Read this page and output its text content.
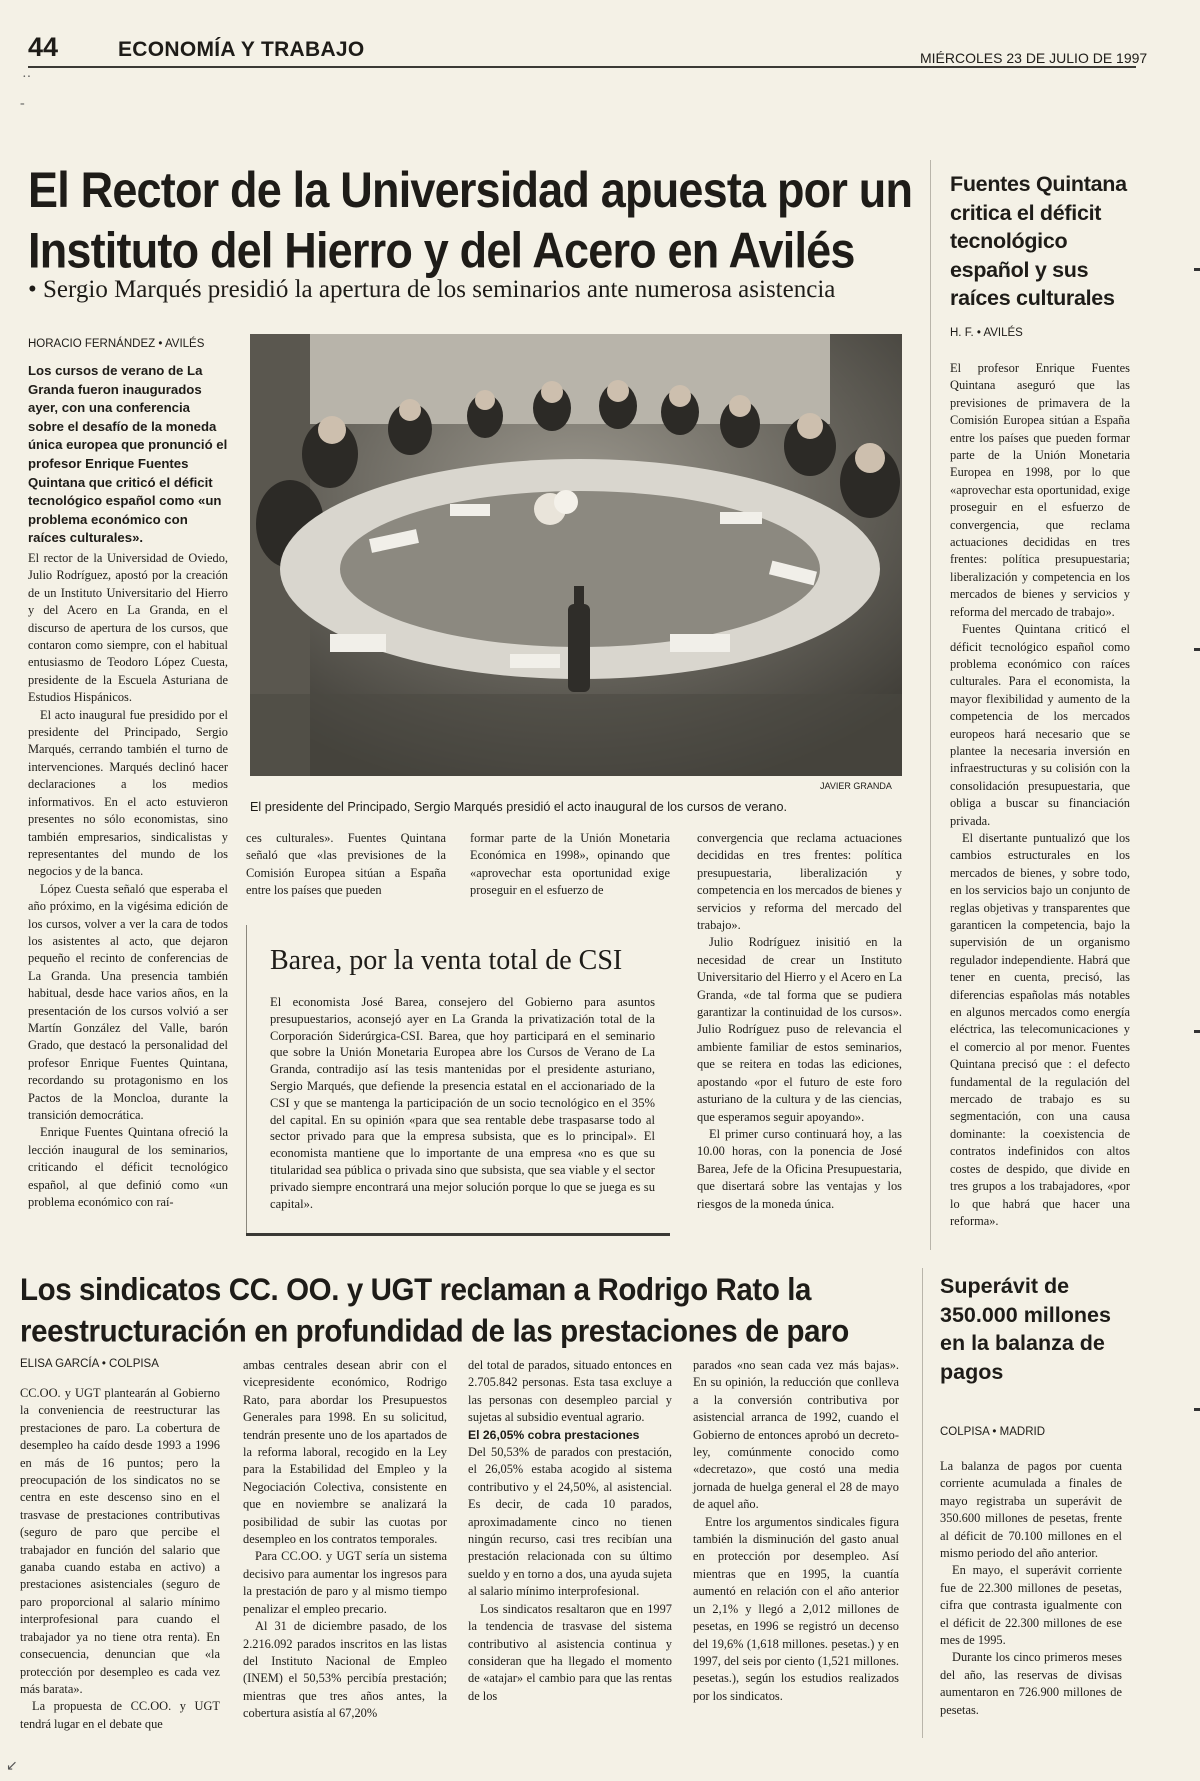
44	ECONOMÍA Y TRABAJO	MIÉRCOLES 23 DE JULIO DE 1997
··
‐
El Rector de la Universidad apuesta por un
Instituto del Hierro y del Acero en Avilés
• Sergio Marqués presidió la apertura de los seminarios ante numerosa asistencia
HORACIO FERNÁNDEZ • AVILÉS
Los cursos de verano de La Granda fueron inaugurados ayer, con una conferencia sobre el desafío de la moneda única europea que pronunció el profesor Enrique Fuentes Quintana que criticó el déficit tecnológico español como «un problema económico con raíces culturales».

El rector de la Universidad de Oviedo, Julio Rodríguez, apostó por la creación de un Instituto Universitario del Hierro y del Acero en La Granda, en el discurso de apertura de los cursos, que contaron como siempre, con el habitual entusiasmo de Teodoro López Cuesta, presidente de la Escuela Asturiana de Estudios Hispánicos.

El acto inaugural fue presidido por el presidente del Principado, Sergio Marqués, cerrando también el turno de intervenciones. Marqués declinó hacer declaraciones a los medios informativos. En el acto estuvieron presentes no sólo economistas, sino también empresarios, sindicalistas y representantes del mundo de los negocios y de la banca.

López Cuesta señaló que esperaba el año próximo, en la vigésima edición de los cursos, volver a ver la cara de todos los asistentes al acto, que dejaron pequeño el recinto de conferencias de La Granda. Una presencia también habitual, desde hace varios años, en la presentación de los cursos volvió a ser Martín González del Valle, barón Grado, que destacó la personalidad del profesor Enrique Fuentes Quintana, recordando su protagonismo en los Pactos de la Moncloa, durante la transición democrática.

Enrique Fuentes Quintana ofreció la lección inaugural de los seminarios, criticando el déficit tecnológico español, al que definió como «un problema económico con raí-

JAVIER GRANDA
El presidente del Principado, Sergio Marqués presidió el acto inaugural de los cursos de verano.

ces culturales». Fuentes Quintana señaló que «las previsiones de la Comisión Europea sitúan a España entre los países que pueden

formar parte de la Unión Monetaria Económica en 1998», opinando que «aprovechar esta oportunidad exige proseguir en el esfuerzo de

convergencia que reclama actuaciones decididas en tres frentes: política presupuestaria, liberalización y competencia en los mercados de bienes y servicios y reforma del mercado del trabajo».

Julio Rodríguez inisitió en la necesidad de crear un Instituto Universitario del Hierro y el Acero en La Granda, «de tal forma que se pudiera garantizar la continuidad de los cursos». Julio Rodríguez puso de relevancia el ambiente familiar de estos seminarios, que se reitera en todas las ediciones, apostando «por el futuro de este foro asturiano de la cultura y de las ciencias, que esperamos seguir apoyando».

El primer curso continuará hoy, a las 10.00 horas, con la ponencia de José Barea, Jefe de la Oficina Presupuestaria, que disertará sobre las ventajas y los riesgos de la moneda única.

Barea, por la venta total de CSI
El economista José Barea, consejero del Gobierno para asuntos presupuestarios, aconsejó ayer en La Granda la privatización total de la Corporación Siderúrgica-CSI. Barea, que hoy participará en el seminario que sobre la Unión Monetaria Europea abre los Cursos de Verano de La Granda, contradijo así las tesis mantenidas por el presidente asturiano, Sergio Marqués, que defiende la presencia estatal en el accionariado de la CSI y que se mantenga la participación de un socio tecnológico en el 35% del capital. En su opinión «para que sea rentable debe traspasarse todo al sector privado para que la empresa subsista, que es lo principal». El economista mantiene que lo importante de una empresa «no es que su titularidad sea pública o privada sino que subsista, que sea viable y el sector privado siempre encontrará una mejor solución porque lo que se juega es su capital».
Fuentes Quintana critica el déficit tecnológico español y sus raíces culturales
H. F. • AVILÉS

El profesor Enrique Fuentes Quintana aseguró que las previsiones de primavera de la Comisión Europea sitúan a España entre los países que pueden formar parte de la Unión Monetaria Europea en 1998, por lo que «aprovechar esta oportunidad, exige proseguir en el esfuerzo de convergencia, que reclama actuaciones decididas en tres frentes: política presupuestaria; liberalización y competencia en los mercados de bienes y servicios y reforma del mercado de trabajo».

Fuentes Quintana criticó el déficit tecnológico español como problema económico con raíces culturales. Para el economista, la mayor flexibilidad y aumento de la competencia de los mercados europeos hará necesario que se plantee la necesaria inversión en infraestructuras y su colisión con la consolidación presupuestaria, que obliga a buscar su financiación privada.

El disertante puntualizó que los cambios estructurales en los mercados de bienes, y sobre todo, en los servicios bajo un conjunto de reglas objetivas y transparentes que garanticen la competencia, bajo la supervisión de un organismo regulador independiente. Habrá que tener en cuenta, precisó, las diferencias españolas más notables en algunos mercados como energía eléctrica, las telecomunicaciones y el comercio al por menor. Fuentes Quintana precisó que : el defecto fundamental de la regulación del mercado de trabajo es su segmentación, con una causa dominante: la coexistencia de contratos indefinidos con altos costes de despido, que divide en tres grupos a los trabajadores, «por lo que habrá que hacer una reforma».

Los sindicatos CC. OO. y UGT reclaman a Rodrigo Rato la
reestructuración en profundidad de las prestaciones de paro
ELISA GARCÍA • COLPISA

CC.OO. y UGT plantearán al Gobierno la conveniencia de reestructurar las prestaciones de paro. La cobertura de desempleo ha caído desde 1993 a 1996 en más de 16 puntos; pero la preocupación de los sindicatos no se centra en este descenso sino en el trasvase de prestaciones contributivas (seguro de paro que percibe el trabajador en función del salario que ganaba cuando estaba en activo) a prestaciones asistenciales (seguro de paro proporcional al salario mínimo interprofesional para cuando el trabajador ya no tiene otra renta). En consecuencia, denuncian que «la protección por desempleo es cada vez más barata».

La propuesta de CC.OO. y UGT tendrá lugar en el debate que

ambas centrales desean abrir con el vicepresidente económico, Rodrigo Rato, para abordar los Presupuestos Generales para 1998. En su solicitud, tendrán presente uno de los apartados de la reforma laboral, recogido en la Ley para la Estabilidad del Empleo y la Negociación Colectiva, consistente en que en noviembre se analizará la posibilidad de subir las cuotas por desempleo en los contratos temporales.

Para CC.OO. y UGT sería un sistema decisivo para aumentar los ingresos para la prestación de paro y al mismo tiempo penalizar el empleo precario.

Al 31 de diciembre pasado, de los 2.216.092 parados inscritos en las listas del Instituto Nacional de Empleo (INEM) el 50,53% percibía prestación; mientras que tres años antes, la cobertura asistía al 67,20%

del total de parados, situado entonces en 2.705.842 personas. Esta tasa excluye a las personas con desempleo parcial y sujetas al subsidio eventual agrario.

El 26,05% cobra prestaciones

Del 50,53% de parados con prestación, el 26,05% estaba acogido al sistema contributivo y el 24,50%, al asistencial. Es decir, de cada 10 parados, aproximadamente cinco no tienen ningún recurso, casi tres recibían una prestación relacionada con su último sueldo y en torno a dos, una ayuda sujeta al salario mínimo interprofesional.

Los sindicatos resaltaron que en 1997 la tendencia de trasvase del sistema contributivo al asistencia continua y consideran que ha llegado el momento de «atajar» el cambio para que las rentas de los

parados «no sean cada vez más bajas». En su opinión, la reducción que conlleva a la conversión contributiva por asistencial arranca de 1992, cuando el Gobierno de entonces aprobó un decreto-ley, comúnmente conocido como «decretazo», que costó una media jornada de huelga general el 28 de mayo de aquel año.

Entre los argumentos sindicales figura también la disminución del gasto anual en protección por desempleo. Así mientras que en 1995, la cuantía aumentó en relación con el año anterior un 2,1% y llegó a 2,012 millones de pesetas, en 1996 se registró un decenso del 19,6% (1,618 millones. pesetas.) y en 1997, del seis por ciento (1,521 millones. pesetas.), según los estudios realizados por los sindicatos.

Superávit de 350.000 millones en la balanza de pagos
COLPISA • MADRID

La balanza de pagos por cuenta corriente acumulada a finales de mayo registraba un superávit de 350.600 millones de pesetas, frente al déficit de 70.100 millones en el mismo periodo del año anterior.

En mayo, el superávit corriente fue de 22.300 millones de pesetas, cifra que contrasta igualmente con el déficit de 22.300 millones de ese mes de 1995.

Durante los cinco primeros meses del año, las reservas de divisas aumentaron en 726.900 millones de pesetas.

↙
